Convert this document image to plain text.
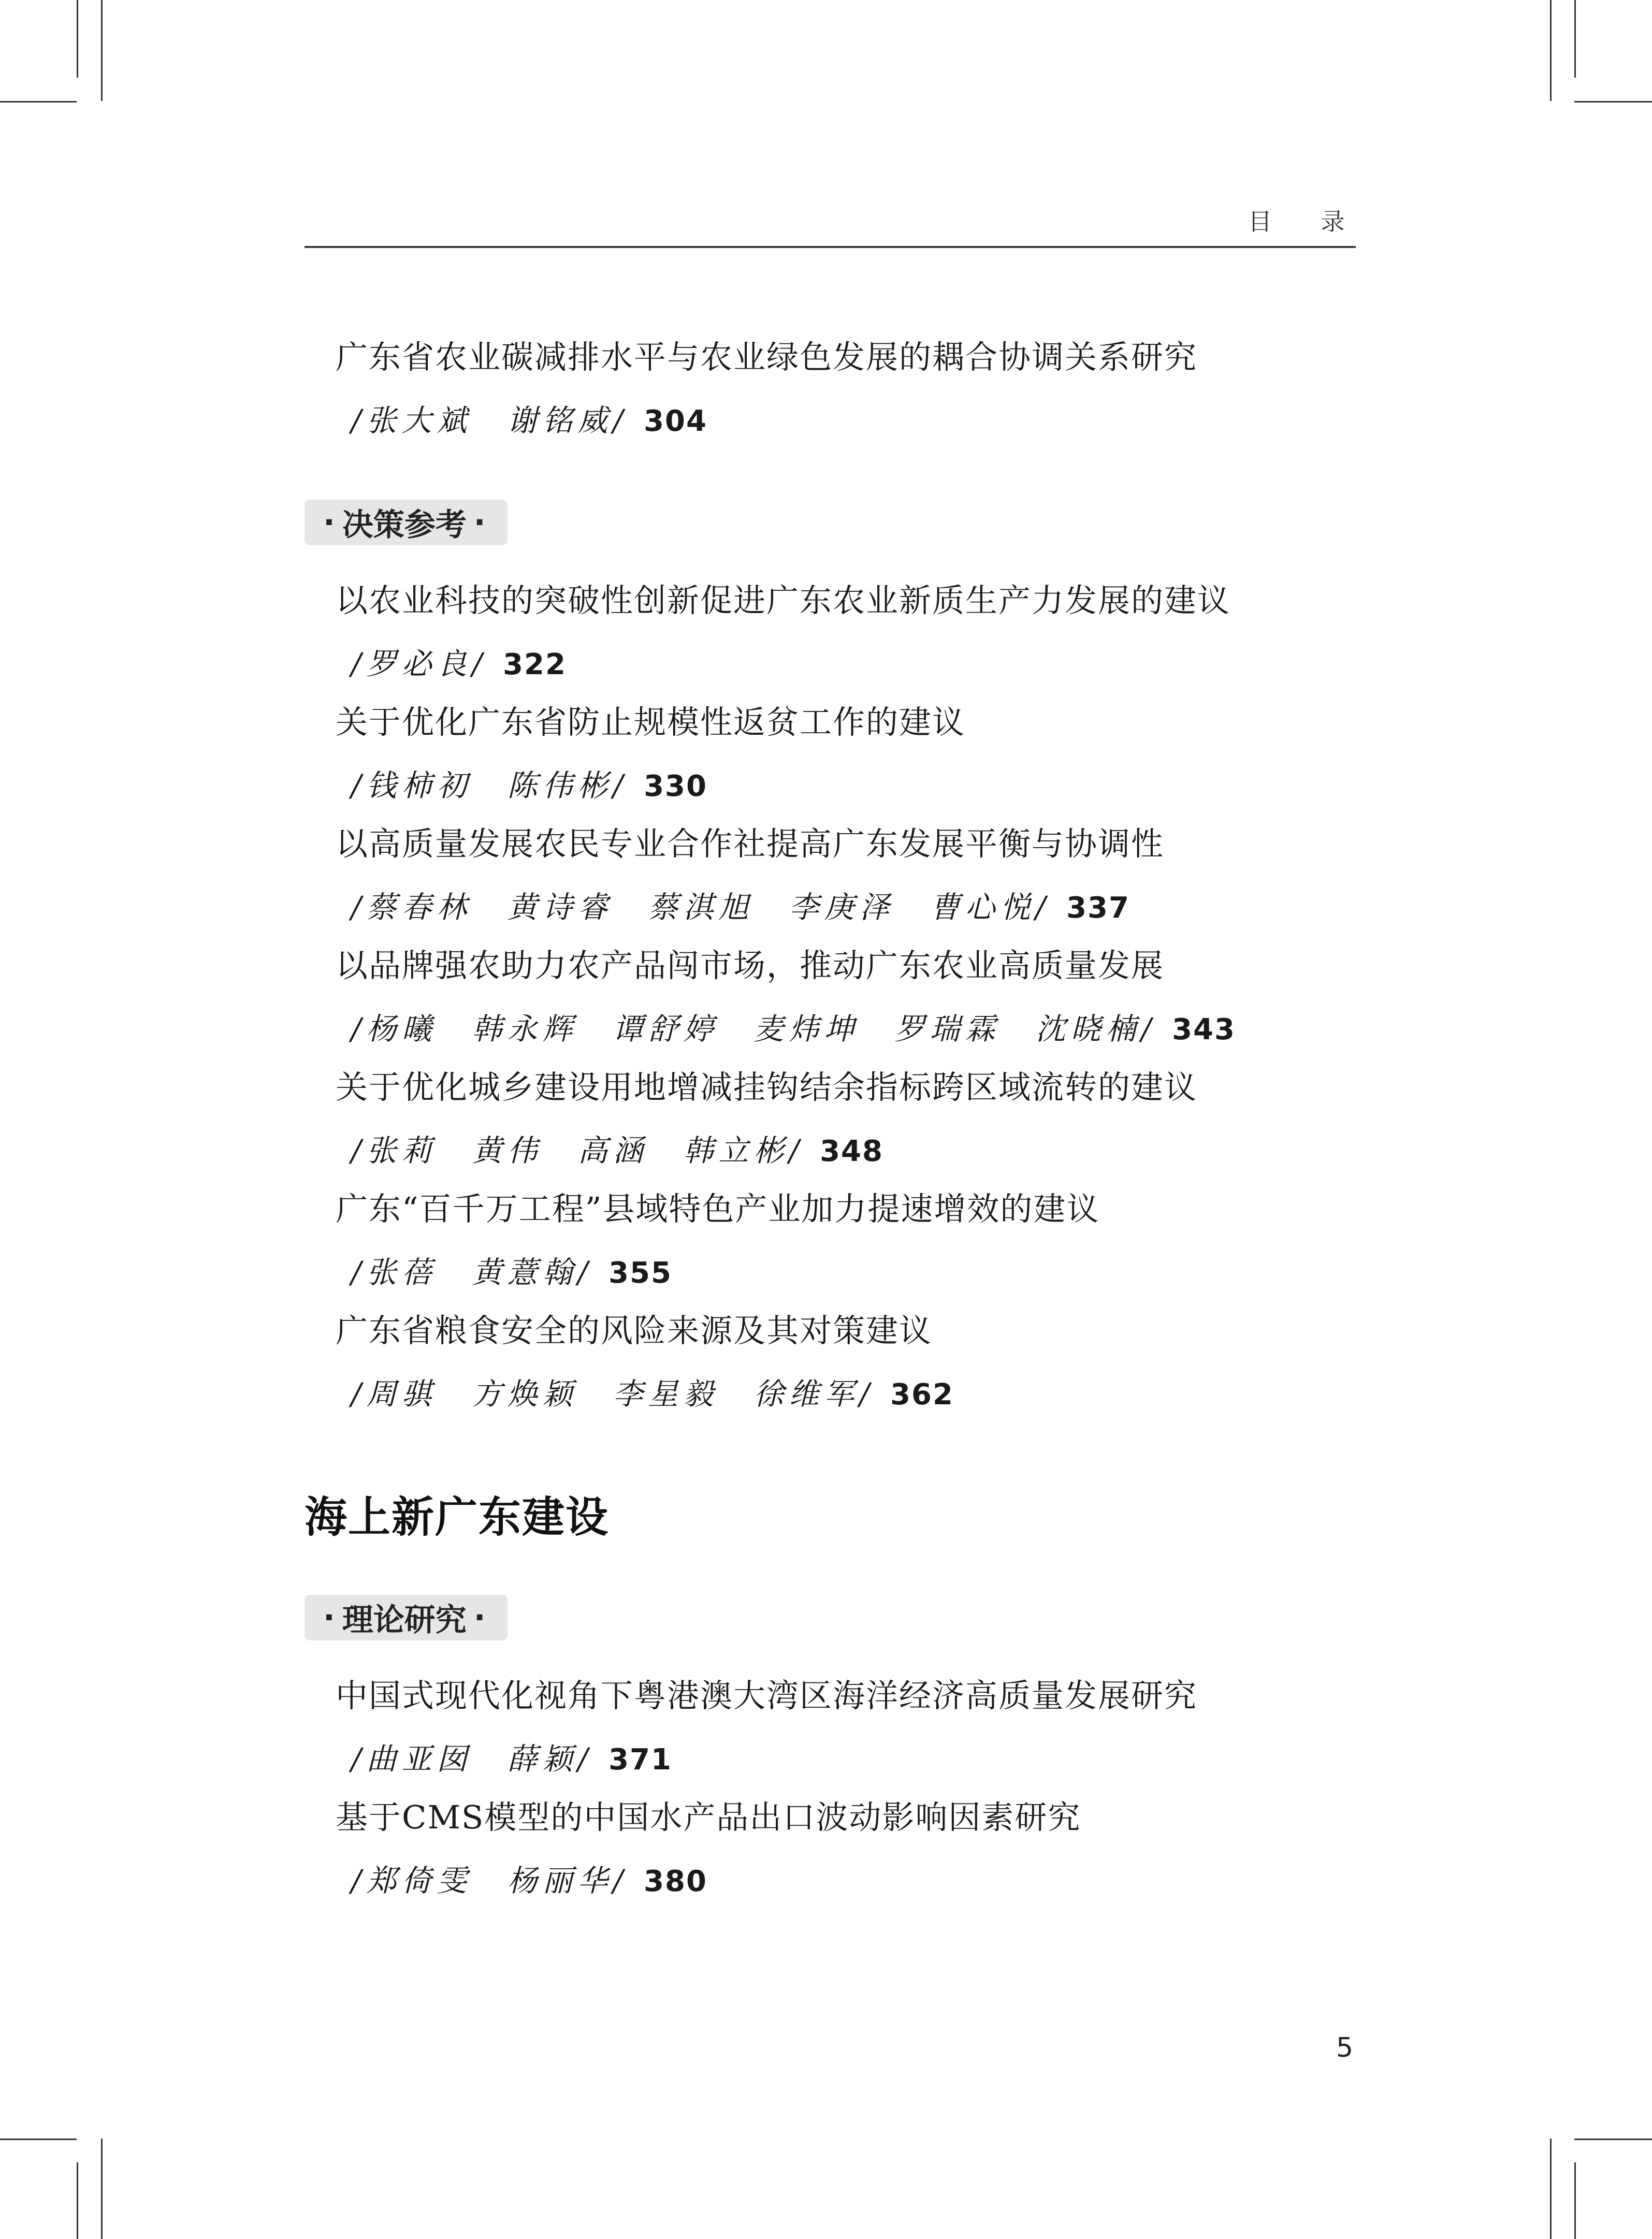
目 录
广东省农业碳减排水平与农业绿色发展的耦合协调关系研究
/张大斌　谢铭威/ 304
· 决策参考 ·
以农业科技的突破性创新促进广东农业新质生产力发展的建议
/罗必良/ 322
关于优化广东省防止规模性返贫工作的建议
/钱柿初　陈伟彬/ 330
以高质量发展农民专业合作社提高广东发展平衡与协调性
/蔡春林　黄诗睿　蔡淇旭　李庚泽　曹心悦/ 337
以品牌强农助力农产品闯市场，推动广东农业高质量发展
/杨曦　韩永辉　谭舒婷　麦炜坤　罗瑞霖　沈晓楠/ 343
关于优化城乡建设用地增减挂钩结余指标跨区域流转的建议
/张莉　黄伟　高涵　韩立彬/ 348
广东“百千万工程”县域特色产业加力提速增效的建议
/张蓓　黄薏翰/ 355
广东省粮食安全的风险来源及其对策建议
/周骐　方焕颖　李星毅　徐维军/ 362
海上新广东建设
· 理论研究 ·
中国式现代化视角下粤港澳大湾区海洋经济高质量发展研究
/曲亚囡　薛颖/ 371
基于CMS模型的中国水产品出口波动影响因素研究
/郑倚雯　杨丽华/ 380
5
